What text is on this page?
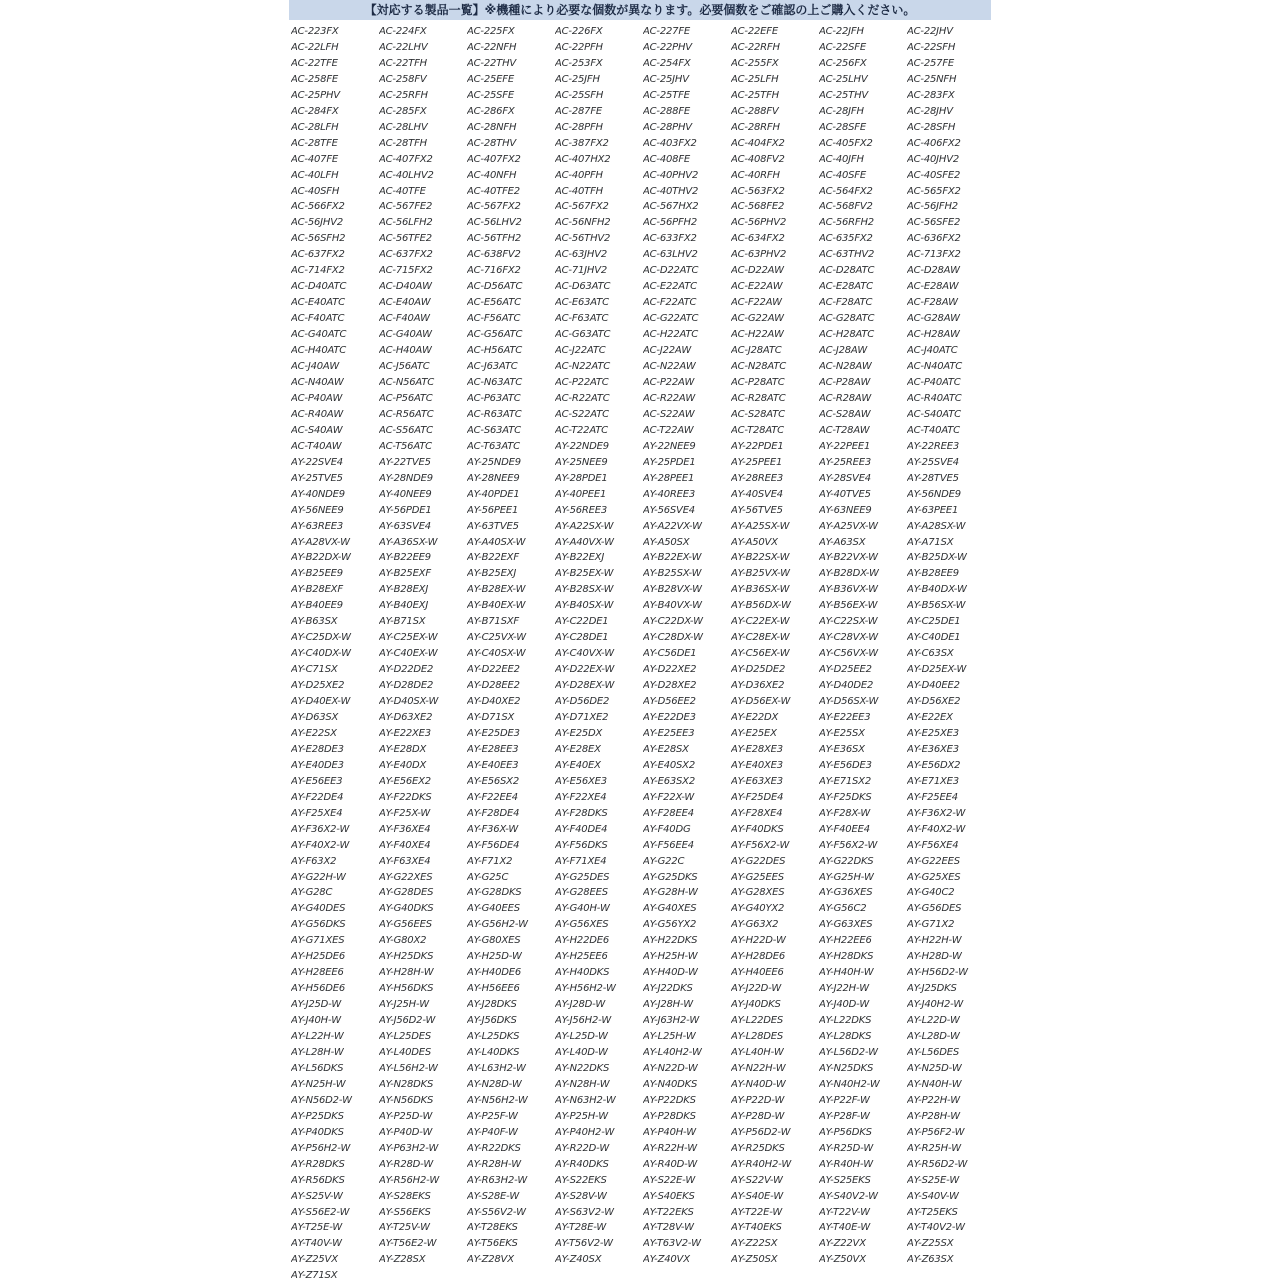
【対応する製品一覧】※機種により必要な個数が異なります。必要個数をご確認の上ご購入ください。
AC-223FX	AC-224FX	AC-225FX	AC-226FX	AC-227FE	AC-22EFE	AC-22JFH	AC-22JHV
AC-22LFH	AC-22LHV	AC-22NFH	AC-22PFH	AC-22PHV	AC-22RFH	AC-22SFE	AC-22SFH
AC-22TFE	AC-22TFH	AC-22THV	AC-253FX	AC-254FX	AC-255FX	AC-256FX	AC-257FE
AC-258FE	AC-258FV	AC-25EFE	AC-25JFH	AC-25JHV	AC-25LFH	AC-25LHV	AC-25NFH
AC-25PHV	AC-25RFH	AC-25SFE	AC-25SFH	AC-25TFE	AC-25TFH	AC-25THV	AC-283FX
AC-284FX	AC-285FX	AC-286FX	AC-287FE	AC-288FE	AC-288FV	AC-28JFH	AC-28JHV
AC-28LFH	AC-28LHV	AC-28NFH	AC-28PFH	AC-28PHV	AC-28RFH	AC-28SFE	AC-28SFH
AC-28TFE	AC-28TFH	AC-28THV	AC-387FX2	AC-403FX2	AC-404FX2	AC-405FX2	AC-406FX2
AC-407FE	AC-407FX2	AC-407FX2	AC-407HX2	AC-408FE	AC-408FV2	AC-40JFH	AC-40JHV2
AC-40LFH	AC-40LHV2	AC-40NFH	AC-40PFH	AC-40PHV2	AC-40RFH	AC-40SFE	AC-40SFE2
AC-40SFH	AC-40TFE	AC-40TFE2	AC-40TFH	AC-40THV2	AC-563FX2	AC-564FX2	AC-565FX2
AC-566FX2	AC-567FE2	AC-567FX2	AC-567FX2	AC-567HX2	AC-568FE2	AC-568FV2	AC-56JFH2
AC-56JHV2	AC-56LFH2	AC-56LHV2	AC-56NFH2	AC-56PFH2	AC-56PHV2	AC-56RFH2	AC-56SFE2
AC-56SFH2	AC-56TFE2	AC-56TFH2	AC-56THV2	AC-633FX2	AC-634FX2	AC-635FX2	AC-636FX2
AC-637FX2	AC-637FX2	AC-638FV2	AC-63JHV2	AC-63LHV2	AC-63PHV2	AC-63THV2	AC-713FX2
AC-714FX2	AC-715FX2	AC-716FX2	AC-71JHV2	AC-D22ATC	AC-D22AW	AC-D28ATC	AC-D28AW
AC-D40ATC	AC-D40AW	AC-D56ATC	AC-D63ATC	AC-E22ATC	AC-E22AW	AC-E28ATC	AC-E28AW
AC-E40ATC	AC-E40AW	AC-E56ATC	AC-E63ATC	AC-F22ATC	AC-F22AW	AC-F28ATC	AC-F28AW
AC-F40ATC	AC-F40AW	AC-F56ATC	AC-F63ATC	AC-G22ATC	AC-G22AW	AC-G28ATC	AC-G28AW
AC-G40ATC	AC-G40AW	AC-G56ATC	AC-G63ATC	AC-H22ATC	AC-H22AW	AC-H28ATC	AC-H28AW
AC-H40ATC	AC-H40AW	AC-H56ATC	AC-J22ATC	AC-J22AW	AC-J28ATC	AC-J28AW	AC-J40ATC
AC-J40AW	AC-J56ATC	AC-J63ATC	AC-N22ATC	AC-N22AW	AC-N28ATC	AC-N28AW	AC-N40ATC
AC-N40AW	AC-N56ATC	AC-N63ATC	AC-P22ATC	AC-P22AW	AC-P28ATC	AC-P28AW	AC-P40ATC
AC-P40AW	AC-P56ATC	AC-P63ATC	AC-R22ATC	AC-R22AW	AC-R28ATC	AC-R28AW	AC-R40ATC
AC-R40AW	AC-R56ATC	AC-R63ATC	AC-S22ATC	AC-S22AW	AC-S28ATC	AC-S28AW	AC-S40ATC
AC-S40AW	AC-S56ATC	AC-S63ATC	AC-T22ATC	AC-T22AW	AC-T28ATC	AC-T28AW	AC-T40ATC
AC-T40AW	AC-T56ATC	AC-T63ATC	AY-22NDE9	AY-22NEE9	AY-22PDE1	AY-22PEE1	AY-22REE3
AY-22SVE4	AY-22TVE5	AY-25NDE9	AY-25NEE9	AY-25PDE1	AY-25PEE1	AY-25REE3	AY-25SVE4
AY-25TVE5	AY-28NDE9	AY-28NEE9	AY-28PDE1	AY-28PEE1	AY-28REE3	AY-28SVE4	AY-28TVE5
AY-40NDE9	AY-40NEE9	AY-40PDE1	AY-40PEE1	AY-40REE3	AY-40SVE4	AY-40TVE5	AY-56NDE9
AY-56NEE9	AY-56PDE1	AY-56PEE1	AY-56REE3	AY-56SVE4	AY-56TVE5	AY-63NEE9	AY-63PEE1
AY-63REE3	AY-63SVE4	AY-63TVE5	AY-A22SX-W	AY-A22VX-W	AY-A25SX-W	AY-A25VX-W	AY-A28SX-W
AY-A28VX-W	AY-A36SX-W	AY-A40SX-W	AY-A40VX-W	AY-A50SX	AY-A50VX	AY-A63SX	AY-A71SX
AY-B22DX-W	AY-B22EE9	AY-B22EXF	AY-B22EXJ	AY-B22EX-W	AY-B22SX-W	AY-B22VX-W	AY-B25DX-W
AY-B25EE9	AY-B25EXF	AY-B25EXJ	AY-B25EX-W	AY-B25SX-W	AY-B25VX-W	AY-B28DX-W	AY-B28EE9
AY-B28EXF	AY-B28EXJ	AY-B28EX-W	AY-B28SX-W	AY-B28VX-W	AY-B36SX-W	AY-B36VX-W	AY-B40DX-W
AY-B40EE9	AY-B40EXJ	AY-B40EX-W	AY-B40SX-W	AY-B40VX-W	AY-B56DX-W	AY-B56EX-W	AY-B56SX-W
AY-B63SX	AY-B71SX	AY-B71SXF	AY-C22DE1	AY-C22DX-W	AY-C22EX-W	AY-C22SX-W	AY-C25DE1
AY-C25DX-W	AY-C25EX-W	AY-C25VX-W	AY-C28DE1	AY-C28DX-W	AY-C28EX-W	AY-C28VX-W	AY-C40DE1
AY-C40DX-W	AY-C40EX-W	AY-C40SX-W	AY-C40VX-W	AY-C56DE1	AY-C56EX-W	AY-C56VX-W	AY-C63SX
AY-C71SX	AY-D22DE2	AY-D22EE2	AY-D22EX-W	AY-D22XE2	AY-D25DE2	AY-D25EE2	AY-D25EX-W
AY-D25XE2	AY-D28DE2	AY-D28EE2	AY-D28EX-W	AY-D28XE2	AY-D36XE2	AY-D40DE2	AY-D40EE2
AY-D40EX-W	AY-D40SX-W	AY-D40XE2	AY-D56DE2	AY-D56EE2	AY-D56EX-W	AY-D56SX-W	AY-D56XE2
AY-D63SX	AY-D63XE2	AY-D71SX	AY-D71XE2	AY-E22DE3	AY-E22DX	AY-E22EE3	AY-E22EX
AY-E22SX	AY-E22XE3	AY-E25DE3	AY-E25DX	AY-E25EE3	AY-E25EX	AY-E25SX	AY-E25XE3
AY-E28DE3	AY-E28DX	AY-E28EE3	AY-E28EX	AY-E28SX	AY-E28XE3	AY-E36SX	AY-E36XE3
AY-E40DE3	AY-E40DX	AY-E40EE3	AY-E40EX	AY-E40SX2	AY-E40XE3	AY-E56DE3	AY-E56DX2
AY-E56EE3	AY-E56EX2	AY-E56SX2	AY-E56XE3	AY-E63SX2	AY-E63XE3	AY-E71SX2	AY-E71XE3
AY-F22DE4	AY-F22DKS	AY-F22EE4	AY-F22XE4	AY-F22X-W	AY-F25DE4	AY-F25DKS	AY-F25EE4
AY-F25XE4	AY-F25X-W	AY-F28DE4	AY-F28DKS	AY-F28EE4	AY-F28XE4	AY-F28X-W	AY-F36X2-W
AY-F36X2-W	AY-F36XE4	AY-F36X-W	AY-F40DE4	AY-F40DG	AY-F40DKS	AY-F40EE4	AY-F40X2-W
AY-F40X2-W	AY-F40XE4	AY-F56DE4	AY-F56DKS	AY-F56EE4	AY-F56X2-W	AY-F56X2-W	AY-F56XE4
AY-F63X2	AY-F63XE4	AY-F71X2	AY-F71XE4	AY-G22C	AY-G22DES	AY-G22DKS	AY-G22EES
AY-G22H-W	AY-G22XES	AY-G25C	AY-G25DES	AY-G25DKS	AY-G25EES	AY-G25H-W	AY-G25XES
AY-G28C	AY-G28DES	AY-G28DKS	AY-G28EES	AY-G28H-W	AY-G28XES	AY-G36XES	AY-G40C2
AY-G40DES	AY-G40DKS	AY-G40EES	AY-G40H-W	AY-G40XES	AY-G40YX2	AY-G56C2	AY-G56DES
AY-G56DKS	AY-G56EES	AY-G56H2-W	AY-G56XES	AY-G56YX2	AY-G63X2	AY-G63XES	AY-G71X2
AY-G71XES	AY-G80X2	AY-G80XES	AY-H22DE6	AY-H22DKS	AY-H22D-W	AY-H22EE6	AY-H22H-W
AY-H25DE6	AY-H25DKS	AY-H25D-W	AY-H25EE6	AY-H25H-W	AY-H28DE6	AY-H28DKS	AY-H28D-W
AY-H28EE6	AY-H28H-W	AY-H40DE6	AY-H40DKS	AY-H40D-W	AY-H40EE6	AY-H40H-W	AY-H56D2-W
AY-H56DE6	AY-H56DKS	AY-H56EE6	AY-H56H2-W	AY-J22DKS	AY-J22D-W	AY-J22H-W	AY-J25DKS
AY-J25D-W	AY-J25H-W	AY-J28DKS	AY-J28D-W	AY-J28H-W	AY-J40DKS	AY-J40D-W	AY-J40H2-W
AY-J40H-W	AY-J56D2-W	AY-J56DKS	AY-J56H2-W	AY-J63H2-W	AY-L22DES	AY-L22DKS	AY-L22D-W
AY-L22H-W	AY-L25DES	AY-L25DKS	AY-L25D-W	AY-L25H-W	AY-L28DES	AY-L28DKS	AY-L28D-W
AY-L28H-W	AY-L40DES	AY-L40DKS	AY-L40D-W	AY-L40H2-W	AY-L40H-W	AY-L56D2-W	AY-L56DES
AY-L56DKS	AY-L56H2-W	AY-L63H2-W	AY-N22DKS	AY-N22D-W	AY-N22H-W	AY-N25DKS	AY-N25D-W
AY-N25H-W	AY-N28DKS	AY-N28D-W	AY-N28H-W	AY-N40DKS	AY-N40D-W	AY-N40H2-W	AY-N40H-W
AY-N56D2-W	AY-N56DKS	AY-N56H2-W	AY-N63H2-W	AY-P22DKS	AY-P22D-W	AY-P22F-W	AY-P22H-W
AY-P25DKS	AY-P25D-W	AY-P25F-W	AY-P25H-W	AY-P28DKS	AY-P28D-W	AY-P28F-W	AY-P28H-W
AY-P40DKS	AY-P40D-W	AY-P40F-W	AY-P40H2-W	AY-P40H-W	AY-P56D2-W	AY-P56DKS	AY-P56F2-W
AY-P56H2-W	AY-P63H2-W	AY-R22DKS	AY-R22D-W	AY-R22H-W	AY-R25DKS	AY-R25D-W	AY-R25H-W
AY-R28DKS	AY-R28D-W	AY-R28H-W	AY-R40DKS	AY-R40D-W	AY-R40H2-W	AY-R40H-W	AY-R56D2-W
AY-R56DKS	AY-R56H2-W	AY-R63H2-W	AY-S22EKS	AY-S22E-W	AY-S22V-W	AY-S25EKS	AY-S25E-W
AY-S25V-W	AY-S28EKS	AY-S28E-W	AY-S28V-W	AY-S40EKS	AY-S40E-W	AY-S40V2-W	AY-S40V-W
AY-S56E2-W	AY-S56EKS	AY-S56V2-W	AY-S63V2-W	AY-T22EKS	AY-T22E-W	AY-T22V-W	AY-T25EKS
AY-T25E-W	AY-T25V-W	AY-T28EKS	AY-T28E-W	AY-T28V-W	AY-T40EKS	AY-T40E-W	AY-T40V2-W
AY-T40V-W	AY-T56E2-W	AY-T56EKS	AY-T56V2-W	AY-T63V2-W	AY-Z22SX	AY-Z22VX	AY-Z25SX
AY-Z25VX	AY-Z28SX	AY-Z28VX	AY-Z40SX	AY-Z40VX	AY-Z50SX	AY-Z50VX	AY-Z63SX
AY-Z71SX
